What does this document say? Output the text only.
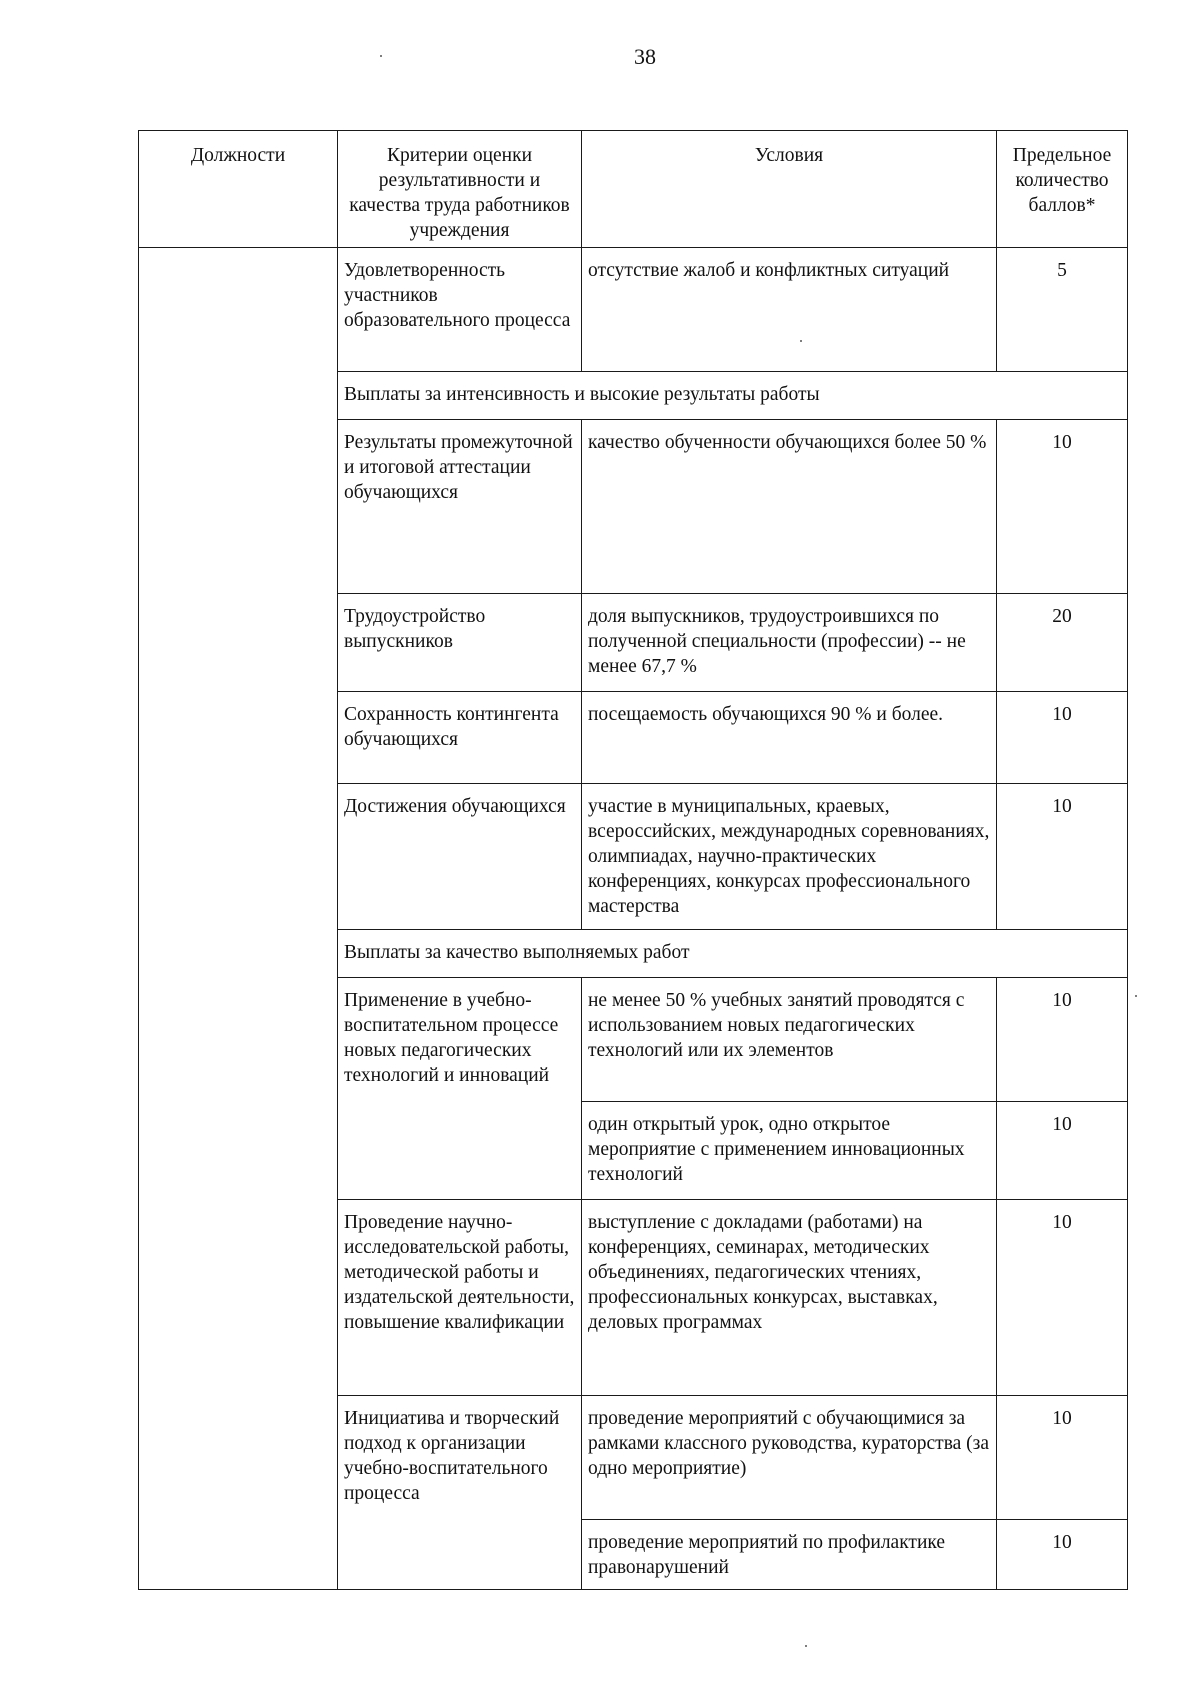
38
Должности	Критерии оценки результативности и качества труда работников учреждения	Условия	Предельное количество баллов*
	Удовлетворенность участников образовательного процесса	отсутствие жалоб и конфликтных ситуаций	5
	Выплаты за интенсивность и высокие результаты работы		
	Результаты промежуточной и итоговой аттестации обучающихся	качество обученности обучающихся более 50 %	10
	Трудоустройство выпускников	доля выпускников, трудоустроившихся по полученной специальности (профессии) -- не менее 67,7 %	20
	Сохранность контингента обучающихся	посещаемость обучающихся 90 % и более.	10
	Достижения обучающихся	участие в муниципальных, краевых, всероссийских, международных соревнованиях, олимпиадах, научно-практических конференциях, конкурсах профессионального мастерства	10
	Выплаты за качество выполняемых работ		
	Применение в учебно-воспитательном процессе новых педагогических технологий и инноваций	не менее 50 % учебных занятий проводятся с использованием новых педагогических технологий или их элементов	10
		один открытый урок, одно открытое мероприятие с применением инновационных технологий	10
	Проведение научно-исследовательской работы, методической работы и издательской деятельности, повышение квалификации	выступление с докладами (работами) на конференциях, семинарах, методических объединениях, педагогических чтениях, профессиональных конкурсах, выставках, деловых программах	10
	Инициатива и творческий подход к организации учебно-воспитательного процесса	проведение мероприятий с обучающимися за рамками классного руководства, кураторства (за одно мероприятие)	10
		проведение мероприятий по профилактике правонарушений	10
